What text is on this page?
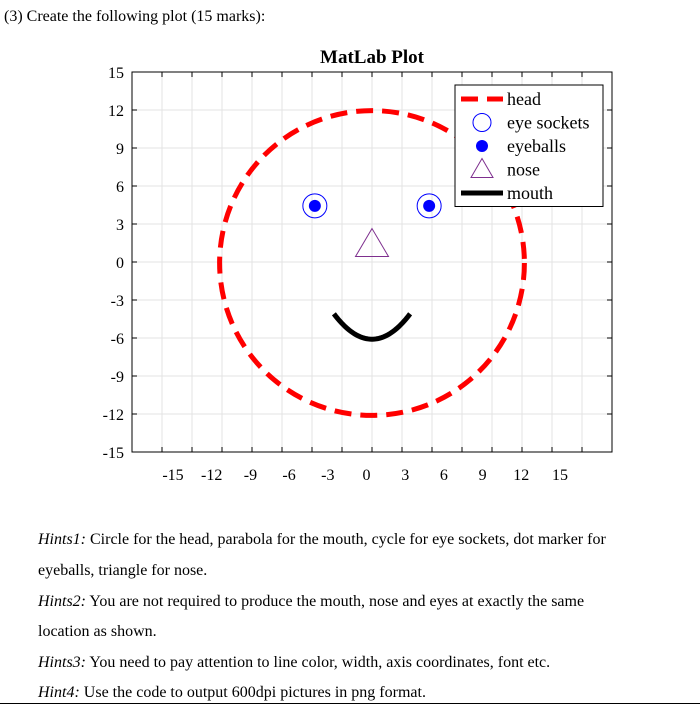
(3) Create the following plot (15 marks):
MatLab Plot
-15 -12 -9 -6 -3 0 3 6 9 12 15
-15
-12
-9
-6
-3
0
3
6
9
12
15
head
eye sockets
eyeballs
nose
mouth
Hints1: Circle for the head, parabola for the mouth, cycle for eye sockets, dot marker for
eyeballs, triangle for nose.
Hints2: You are not required to produce the mouth, nose and eyes at exactly the same
location as shown.
Hints3: You need to pay attention to line color, width, axis coordinates, font etc.
Hint4: Use the code to output 600dpi pictures in png format.
